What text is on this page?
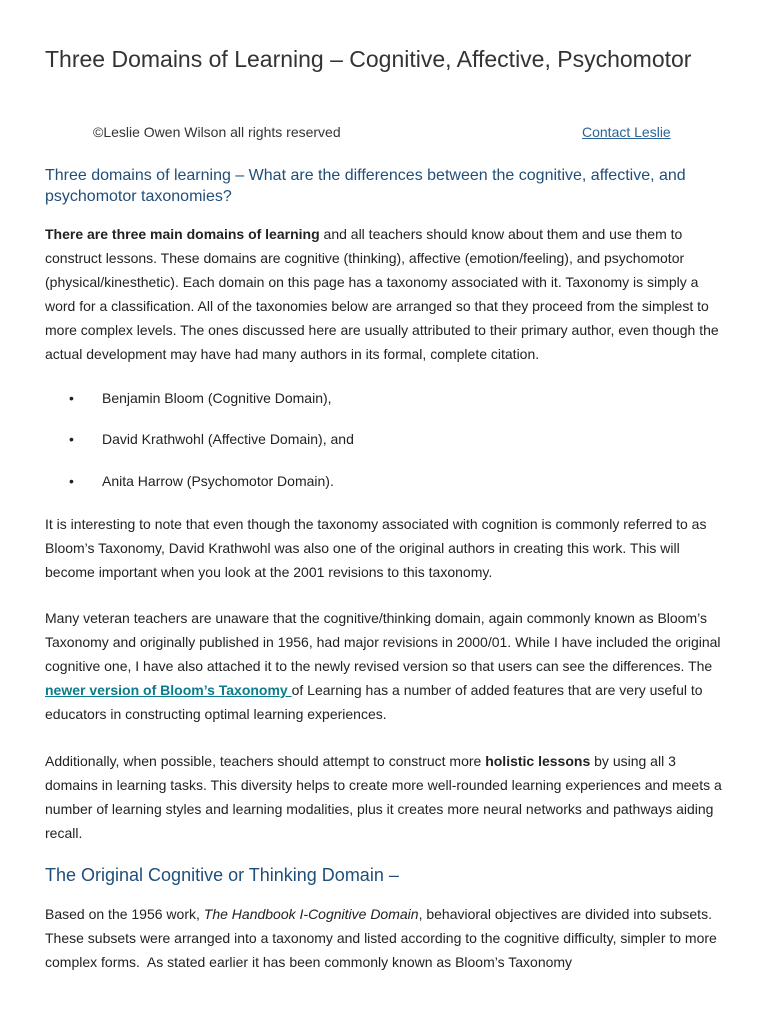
Three Domains of Learning – Cognitive, Affective, Psychomotor
©Leslie Owen Wilson all rights reserved	Contact Leslie
Three domains of learning – What are the differences between the cognitive, affective, and psychomotor taxonomies?

There are three main domains of learning and all teachers should know about them and use them to construct lessons. These domains are cognitive (thinking), affective (emotion/feeling), and psychomotor (physical/kinesthetic). Each domain on this page has a taxonomy associated with it. Taxonomy is simply a word for a classification. All of the taxonomies below are arranged so that they proceed from the simplest to more complex levels. The ones discussed here are usually attributed to their primary author, even though the actual development may have had many authors in its formal, complete citation.

• Benjamin Bloom (Cognitive Domain),
• David Krathwohl (Affective Domain), and
• Anita Harrow (Psychomotor Domain).

It is interesting to note that even though the taxonomy associated with cognition is commonly referred to as Bloom’s Taxonomy, David Krathwohl was also one of the original authors in creating this work. This will become important when you look at the 2001 revisions to this taxonomy.

Many veteran teachers are unaware that the cognitive/thinking domain, again commonly known as Bloom’s Taxonomy and originally published in 1956, had major revisions in 2000/01. While I have included the original cognitive one, I have also attached it to the newly revised version so that users can see the differences. The newer version of Bloom’s Taxonomy of Learning has a number of added features that are very useful to educators in constructing optimal learning experiences.

Additionally, when possible, teachers should attempt to construct more holistic lessons by using all 3 domains in learning tasks. This diversity helps to create more well-rounded learning experiences and meets a number of learning styles and learning modalities, plus it creates more neural networks and pathways aiding recall.

The Original Cognitive or Thinking Domain –

Based on the 1956 work, The Handbook I-Cognitive Domain, behavioral objectives are divided into subsets. These subsets were arranged into a taxonomy and listed according to the cognitive difficulty, simpler to more complex forms.  As stated earlier it has been commonly known as Bloom’s Taxonomy
